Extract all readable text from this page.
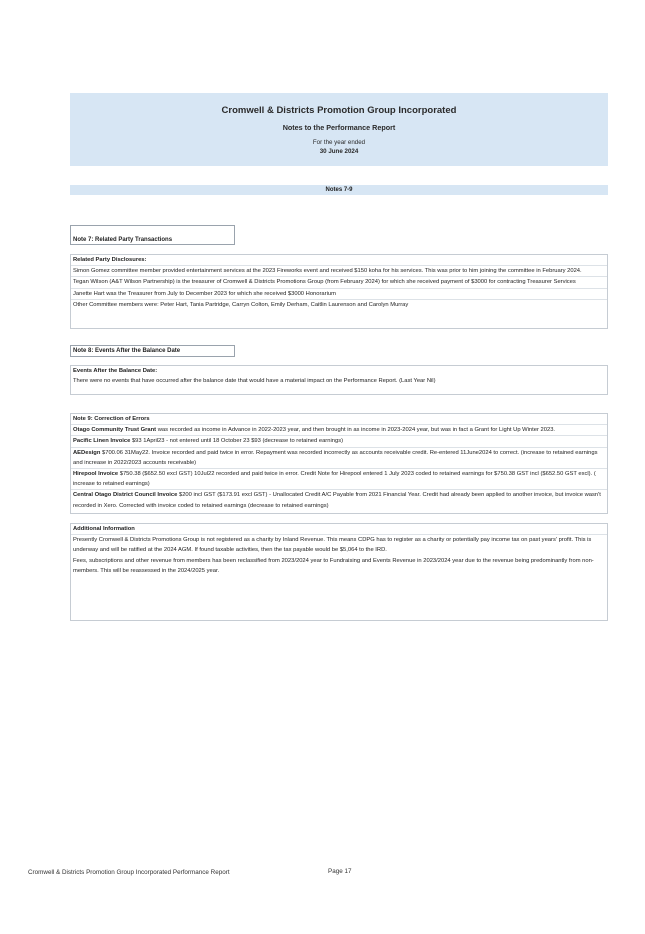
Cromwell & Districts Promotion Group Incorporated
Notes to the Performance Report
For the year ended
30 June 2024
Notes 7-9
Note 7: Related Party Transactions
Related Party Disclosures:
Simon Gomez committee member provided entertainment services at the 2023 Fireworks event and received $150 koha for his services. This was prior to him joining the committee in February 2024.
Tegan Wilson (A&T Wilson Partnership) is the treasurer of Cromwell & Districts Promotions Group (from February 2024) for which she received payment of $3000 for contracting Treasurer Services
Janette Hart was the Treasurer from July to December 2023 for which she received $3000 Honorarium
Other Committee members were: Peter Hart, Tania Partridge, Carryn Colton, Emily Derham, Caitlin Laurenson and Carolyn Murray
Note 8: Events After the Balance Date
Events After the Balance Date:
There were no events that have occurred after the balance date that would have a material impact on the Performance Report. (Last Year Nil)
Note 9: Correction of Errors
Otago Community Trust Grant was recorded as income in Advance in 2022-2023 year, and then brought in as income in 2023-2024 year, but was in fact a Grant for Light Up Winter 2023.
Pacific Linen Invoice $93 1April23 - not entered until 18 October 23 $93 (decrease to retained earnings)
AEDesign $700.06 31May22. Invoice recorded and paid twice in error. Repayment was recorded incorrectly as accounts receivable credit. Re-entered 11June2024 to correct. (increase to retained earnings and increase in 2022/2023 accounts receivable)
Hirepool Invoice $750.38 ($652.50 excl GST) 10Jul22 recorded and paid twice in error. Credit Note for Hirepool entered 1 July 2023 coded to retained earnings for $750.38 GST incl ($652.50 GST excl). ( increase to retained earnings)
Central Otago District Council Invoice $200 incl GST ($173.91 excl GST) - Unallocated Credit A/C Payable from 2021 Financial Year. Credit had already been applied to another invoice, but invoice wasn't recorded in Xero. Corrected with invoice coded to retained earnings (decrease to retained earnings)
Additional Information
Presently Cromwell & Districts Promotions Group is not registered as a charity by Inland Revenue. This means CDPG has to register as a charity or potentially pay income tax on past years' profit. This is underway and will be ratified at the 2024 AGM. If found taxable activities, then the tax payable would be $5,064 to the IRD.
Fees, subscriptions and other revenue from members has been reclassified from 2023/2024 year to Fundraising and Events Revenue in 2023/2024 year due to the revenue being predominantly from non-members. This will be reassessed in the 2024/2025 year.
Cromwell & Districts Promotion Group Incorporated Performance Report	Page 17
